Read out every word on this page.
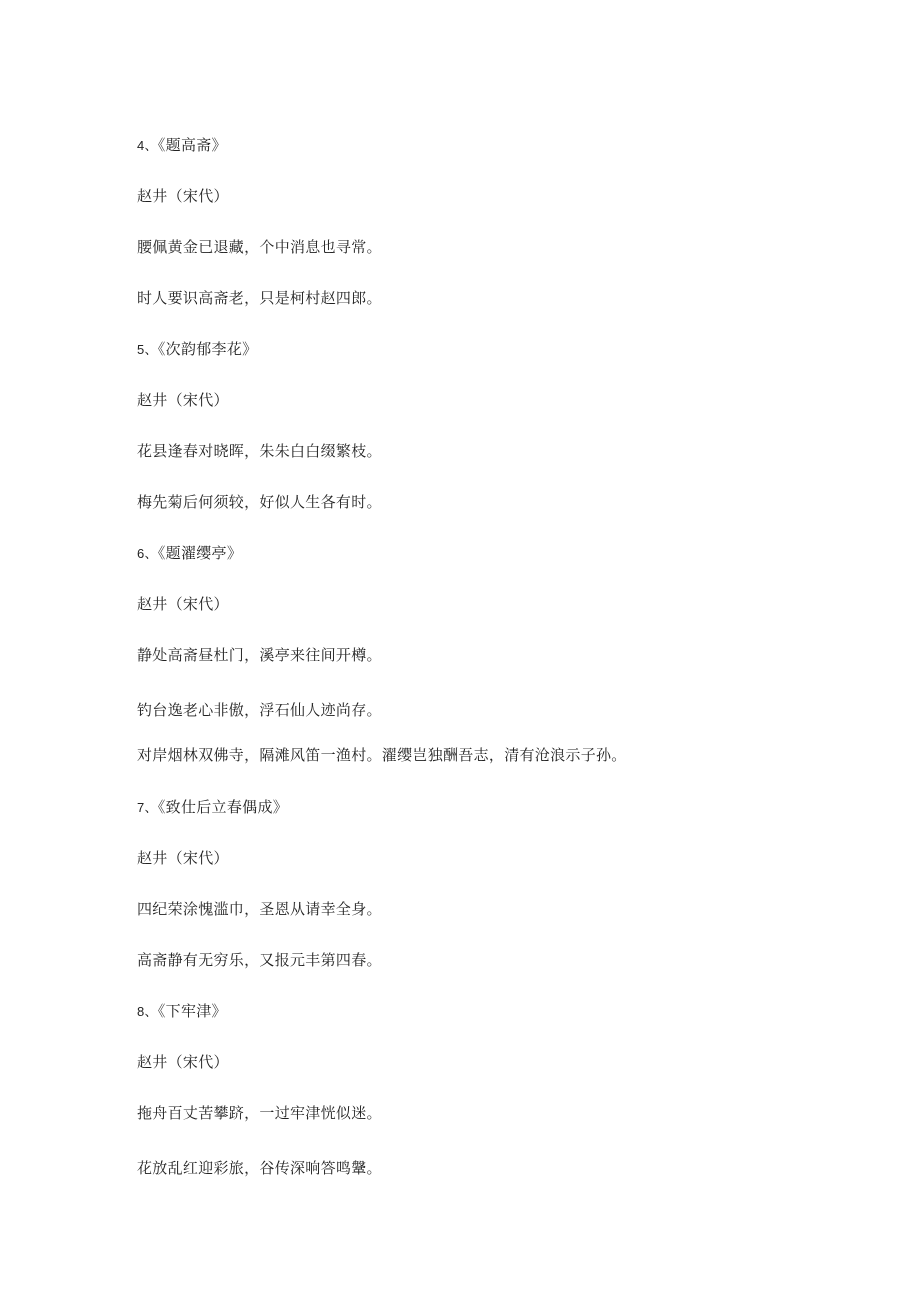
4、《题高斋》
赵井（宋代）
腰佩黄金已退藏，个中消息也寻常。
时人要识高斋老，只是柯村赵四郎。
5、《次韵郁李花》
赵井（宋代）
花县逢春对晓晖，朱朱白白缀繁枝。
梅先菊后何须较，好似人生各有时。
6、《题濯缨亭》
赵井（宋代）
静处高斋昼杜门，溪亭来往间开樽。
钓台逸老心非傲，浮石仙人迹尚存。
对岸烟林双佛寺，隔滩风笛一渔村。濯缨岂独酬吾志，清有沧浪示子孙。
7、《致仕后立春偶成》
赵井（宋代）
四纪荣涂愧滥巾，圣恩从请幸全身。
高斋静有无穷乐，又报元丰第四春。
8、《下牢津》
赵井（宋代）
拖舟百丈苦攀跻，一过牢津恍似迷。
花放乱红迎彩旅，谷传深响答鸣鞶。
